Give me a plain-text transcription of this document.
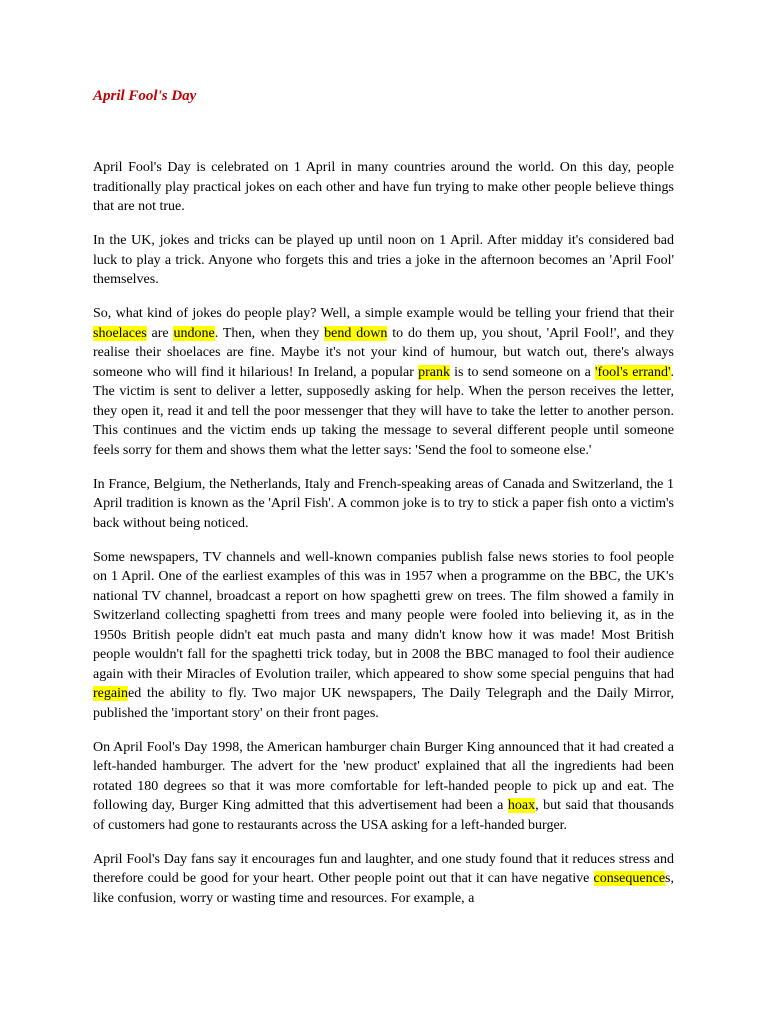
April Fool's Day

April Fool's Day is celebrated on 1 April in many countries around the world. On this day, people traditionally play practical jokes on each other and have fun trying to make other people believe things that are not true.

In the UK, jokes and tricks can be played up until noon on 1 April. After midday it's considered bad luck to play a trick. Anyone who forgets this and tries a joke in the afternoon becomes an 'April Fool' themselves.

So, what kind of jokes do people play? Well, a simple example would be telling your friend that their shoelaces are undone. Then, when they bend down to do them up, you shout, 'April Fool!', and they realise their shoelaces are fine. Maybe it's not your kind of humour, but watch out, there's always someone who will find it hilarious! In Ireland, a popular prank is to send someone on a 'fool's errand'. The victim is sent to deliver a letter, supposedly asking for help. When the person receives the letter, they open it, read it and tell the poor messenger that they will have to take the letter to another person. This continues and the victim ends up taking the message to several different people until someone feels sorry for them and shows them what the letter says: 'Send the fool to someone else.'

In France, Belgium, the Netherlands, Italy and French-speaking areas of Canada and Switzerland, the 1 April tradition is known as the 'April Fish'. A common joke is to try to stick a paper fish onto a victim's back without being noticed.

Some newspapers, TV channels and well-known companies publish false news stories to fool people on 1 April. One of the earliest examples of this was in 1957 when a programme on the BBC, the UK's national TV channel, broadcast a report on how spaghetti grew on trees. The film showed a family in Switzerland collecting spaghetti from trees and many people were fooled into believing it, as in the 1950s British people didn't eat much pasta and many didn't know how it was made! Most British people wouldn't fall for the spaghetti trick today, but in 2008 the BBC managed to fool their audience again with their Miracles of Evolution trailer, which appeared to show some special penguins that had regained the ability to fly. Two major UK newspapers, The Daily Telegraph and the Daily Mirror, published the 'important story' on their front pages.

On April Fool's Day 1998, the American hamburger chain Burger King announced that it had created a left-handed hamburger. The advert for the 'new product' explained that all the ingredients had been rotated 180 degrees so that it was more comfortable for left-handed people to pick up and eat. The following day, Burger King admitted that this advertisement had been a hoax, but said that thousands of customers had gone to restaurants across the USA asking for a left-handed burger.

April Fool's Day fans say it encourages fun and laughter, and one study found that it reduces stress and therefore could be good for your heart. Other people point out that it can have negative consequences, like confusion, worry or wasting time and resources. For example, a
